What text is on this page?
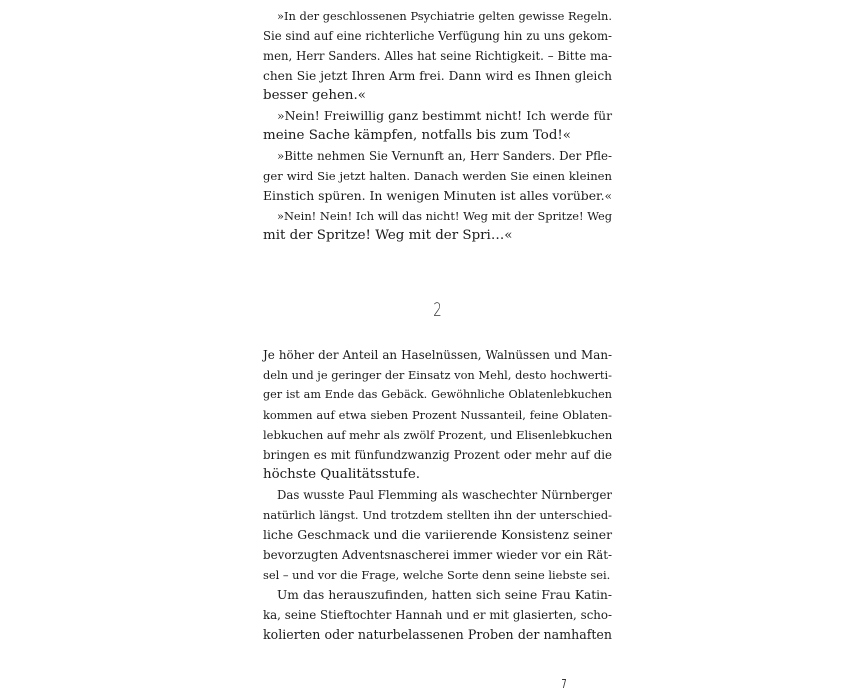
»In der geschlossenen Psychiatrie gelten gewisse Regeln.
Sie sind auf eine richterliche Verfügung hin zu uns gekom-
men, Herr Sanders. Alles hat seine Richtigkeit. – Bitte ma-
chen Sie jetzt Ihren Arm frei. Dann wird es Ihnen gleich
besser gehen.«
»Nein! Freiwillig ganz bestimmt nicht! Ich werde für
meine Sache kämpfen, notfalls bis zum Tod!«
»Bitte nehmen Sie Vernunft an, Herr Sanders. Der Pfle-
ger wird Sie jetzt halten. Danach werden Sie einen kleinen
Einstich spüren. In wenigen Minuten ist alles vorüber.«
»Nein! Nein! Ich will das nicht! Weg mit der Spritze! Weg
mit der Spritze! Weg mit der Spri…«
2
Je höher der Anteil an Haselnüssen, Walnüssen und Man-
deln und je geringer der Einsatz von Mehl, desto hochwerti-
ger ist am Ende das Gebäck. Gewöhnliche Oblatenlebkuchen
kommen auf etwa sieben Prozent Nussanteil, feine Oblaten-
lebkuchen auf mehr als zwölf Prozent, und Elisenlebkuchen
bringen es mit fünfundzwanzig Prozent oder mehr auf die
höchste Qualitätsstufe.
Das wusste Paul Flemming als waschechter Nürnberger
natürlich längst. Und trotzdem stellten ihn der unterschied-
liche Geschmack und die variierende Konsistenz seiner
bevorzugten Adventsnascherei immer wieder vor ein Rät-
sel – und vor die Frage, welche Sorte denn seine liebste sei.
Um das herauszufinden, hatten sich seine Frau Katin-
ka, seine Stieftochter Hannah und er mit glasierten, scho-
kolierten oder naturbelassenen Proben der namhaften
7
